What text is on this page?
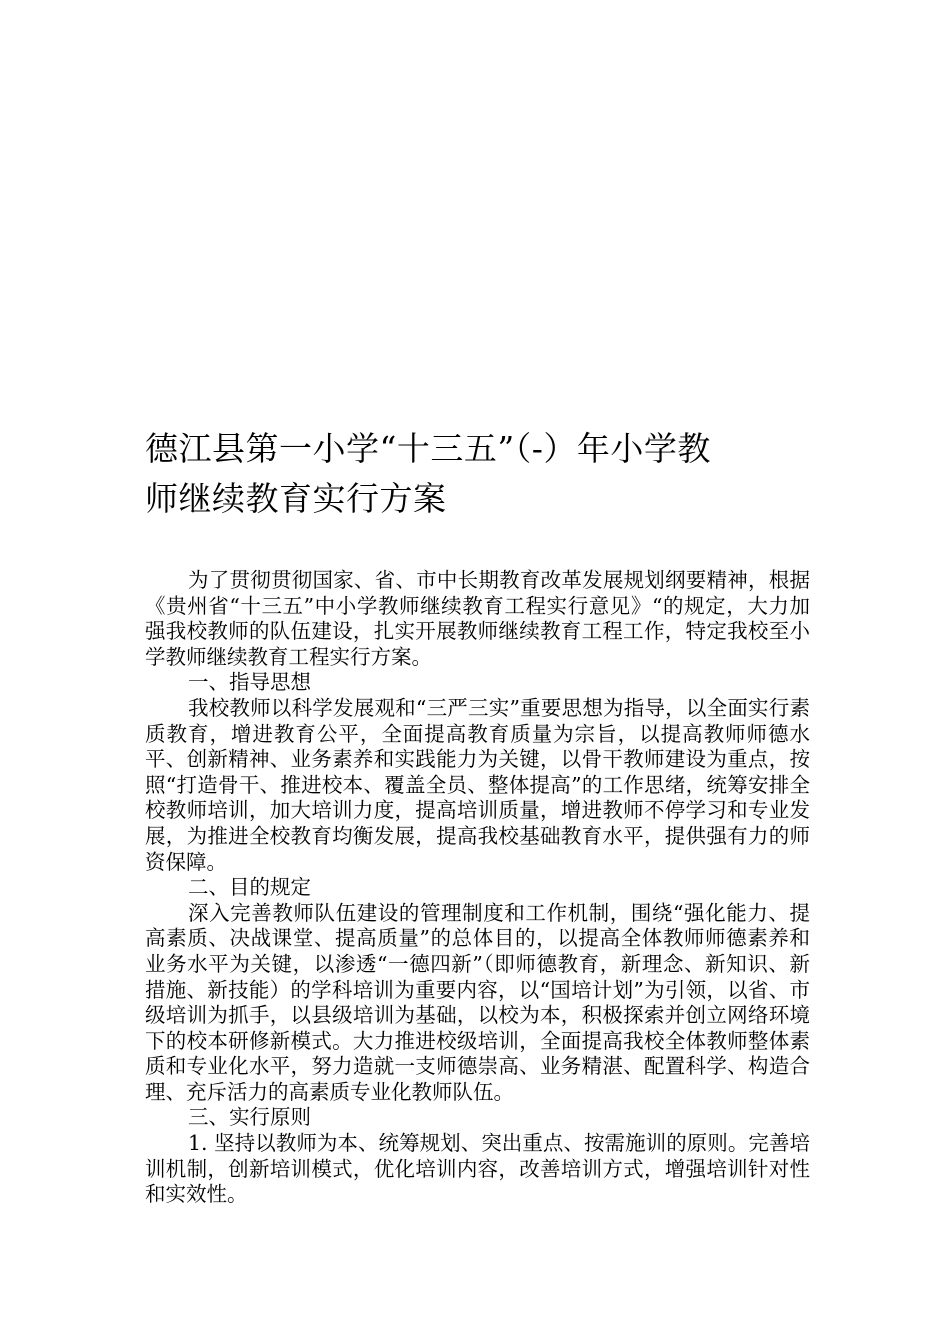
德江县第一小学“十三五”（-）年小学教
师继续教育实行方案

为了贯彻贯彻国家、省、市中长期教育改革发展规划纲要精神，根据《贵州省“十三五”中小学教师继续教育工程实行意见》“的规定，大力加强我校教师的队伍建设，扎实开展教师继续教育工程工作，特定我校至小学教师继续教育工程实行方案。

一、指导思想

我校教师以科学发展观和“三严三实”重要思想为指导，以全面实行素质教育，增进教育公平，全面提高教育质量为宗旨，以提高教师师德水平、创新精神、业务素养和实践能力为关键，以骨干教师建设为重点，按照“打造骨干、推进校本、覆盖全员、整体提高”的工作思绪，统筹安排全校教师培训，加大培训力度，提高培训质量，增进教师不停学习和专业发展，为推进全校教育均衡发展，提高我校基础教育水平，提供强有力的师资保障。

二、目的规定

深入完善教师队伍建设的管理制度和工作机制，围绕“强化能力、提高素质、决战课堂、提高质量”的总体目的，以提高全体教师师德素养和业务水平为关键，以渗透“一德四新”（即师德教育，新理念、新知识、新措施、新技能）的学科培训为重要内容，以“国培计划”为引领，以省、市级培训为抓手，以县级培训为基础，以校为本，积极探索并创立网络环境下的校本研修新模式。大力推进校级培训，全面提高我校全体教师整体素质和专业化水平，努力造就一支师德崇高、业务精湛、配置科学、构造合理、充斥活力的高素质专业化教师队伍。

三、实行原则

1. 坚持以教师为本、统筹规划、突出重点、按需施训的原则。完善培训机制，创新培训模式，优化培训内容，改善培训方式，增强培训针对性和实效性。
